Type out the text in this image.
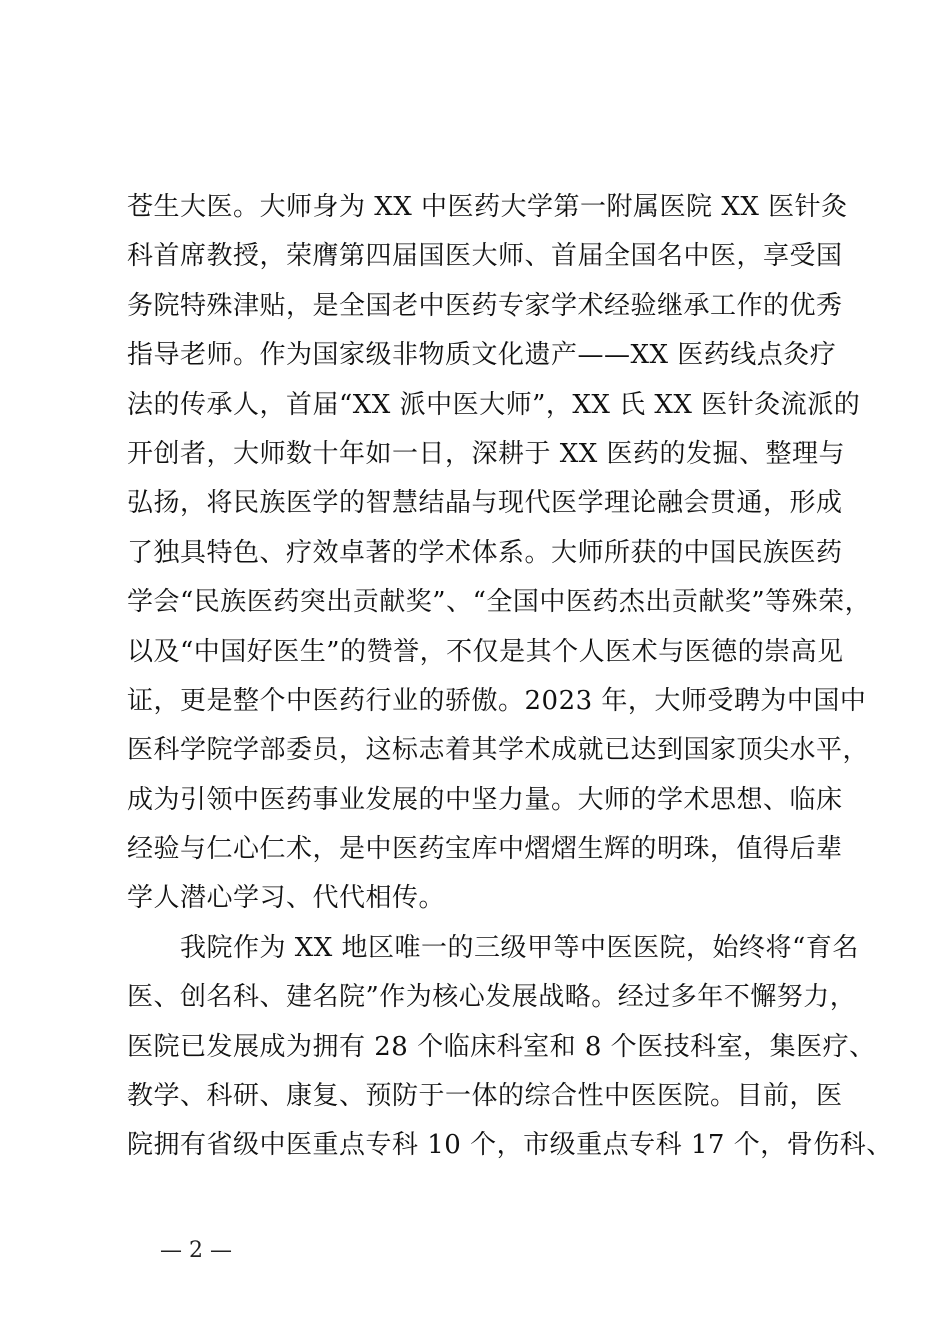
苍生大医。大师身为 XX 中医药大学第一附属医院 XX 医针灸
科首席教授，荣膺第四届国医大师、首届全国名中医，享受国
务院特殊津贴，是全国老中医药专家学术经验继承工作的优秀
指导老师。作为国家级非物质文化遗产——XX 医药线点灸疗
法的传承人，首届“XX 派中医大师”，XX 氏 XX 医针灸流派的
开创者，大师数十年如一日，深耕于 XX 医药的发掘、整理与
弘扬，将民族医学的智慧结晶与现代医学理论融会贯通，形成
了独具特色、疗效卓著的学术体系。大师所获的中国民族医药
学会“民族医药突出贡献奖”、“全国中医药杰出贡献奖”等殊荣，
以及“中国好医生”的赞誉，不仅是其个人医术与医德的崇高见
证，更是整个中医药行业的骄傲。2023 年，大师受聘为中国中
医科学院学部委员，这标志着其学术成就已达到国家顶尖水平，
成为引领中医药事业发展的中坚力量。大师的学术思想、临床
经验与仁心仁术，是中医药宝库中熠熠生辉的明珠，值得后辈
学人潜心学习、代代相传。
　　我院作为 XX 地区唯一的三级甲等中医医院，始终将“育名
医、创名科、建名院”作为核心发展战略。经过多年不懈努力，
医院已发展成为拥有 28 个临床科室和 8 个医技科室，集医疗、
教学、科研、康复、预防于一体的综合性中医医院。目前，医
院拥有省级中医重点专科 10 个，市级重点专科 17 个，骨伤科、
— 2 —
